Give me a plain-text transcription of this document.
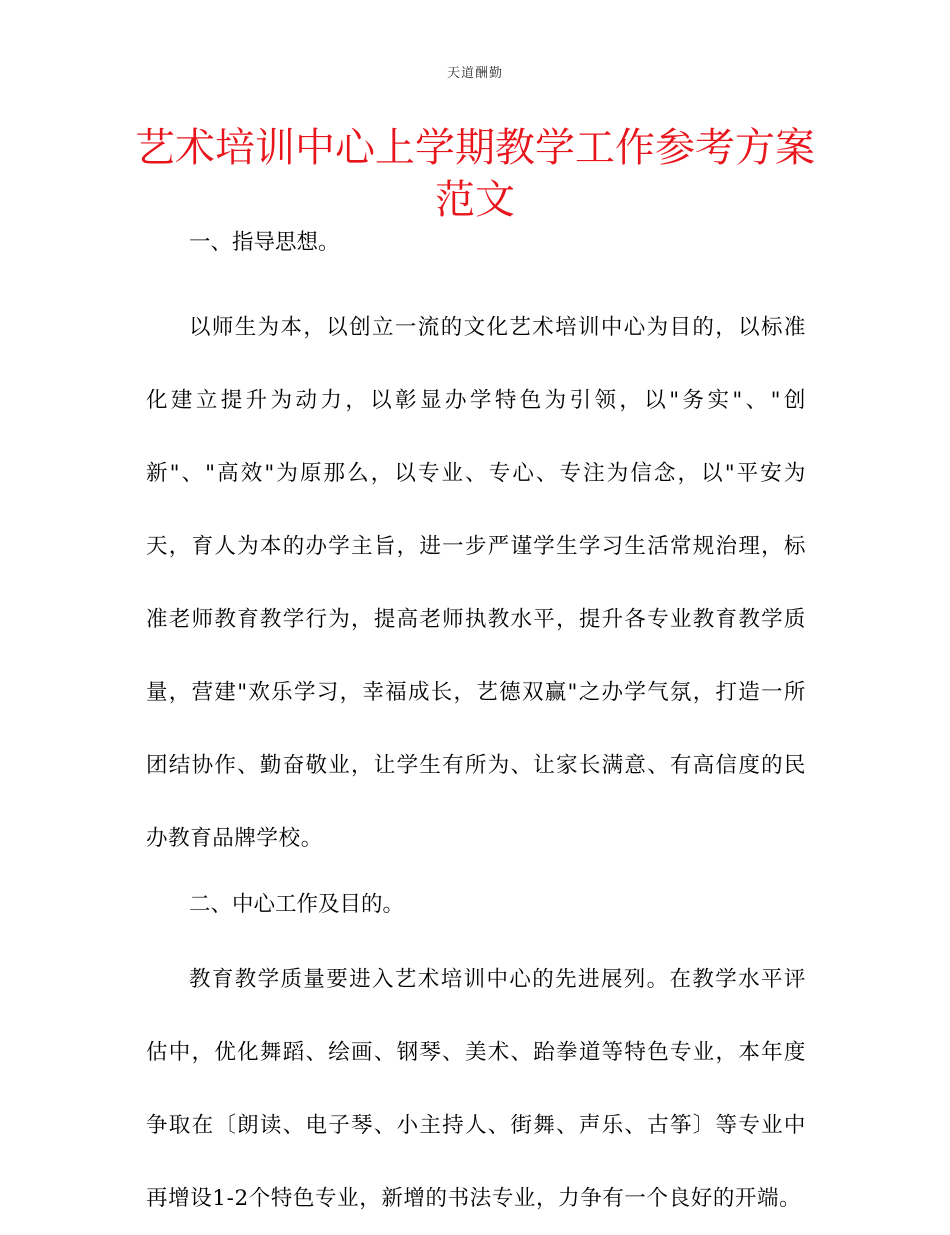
天道酬勤
艺术培训中心上学期教学工作参考方案范文

一、指导思想。

以师生为本，以创立一流的文化艺术培训中心为目的，以标准化建立提升为动力，以彰显办学特色为引领，以"务实"、"创新"、"高效"为原那么，以专业、专心、专注为信念，以"平安为天，育人为本的办学主旨，进一步严谨学生学习生活常规治理，标准老师教育教学行为，提高老师执教水平，提升各专业教育教学质量，营建"欢乐学习，幸福成长，艺德双赢"之办学气氛，打造一所团结协作、勤奋敬业，让学生有所为、让家长满意、有高信度的民办教育品牌学校。

二、中心工作及目的。

教育教学质量要进入艺术培训中心的先进展列。在教学水平评估中，优化舞蹈、绘画、钢琴、美术、跆拳道等特色专业，本年度争取在〔朗读、电子琴、小主持人、街舞、声乐、古筝〕等专业中再增设1-2个特色专业，新增的书法专业，力争有一个良好的开端。
